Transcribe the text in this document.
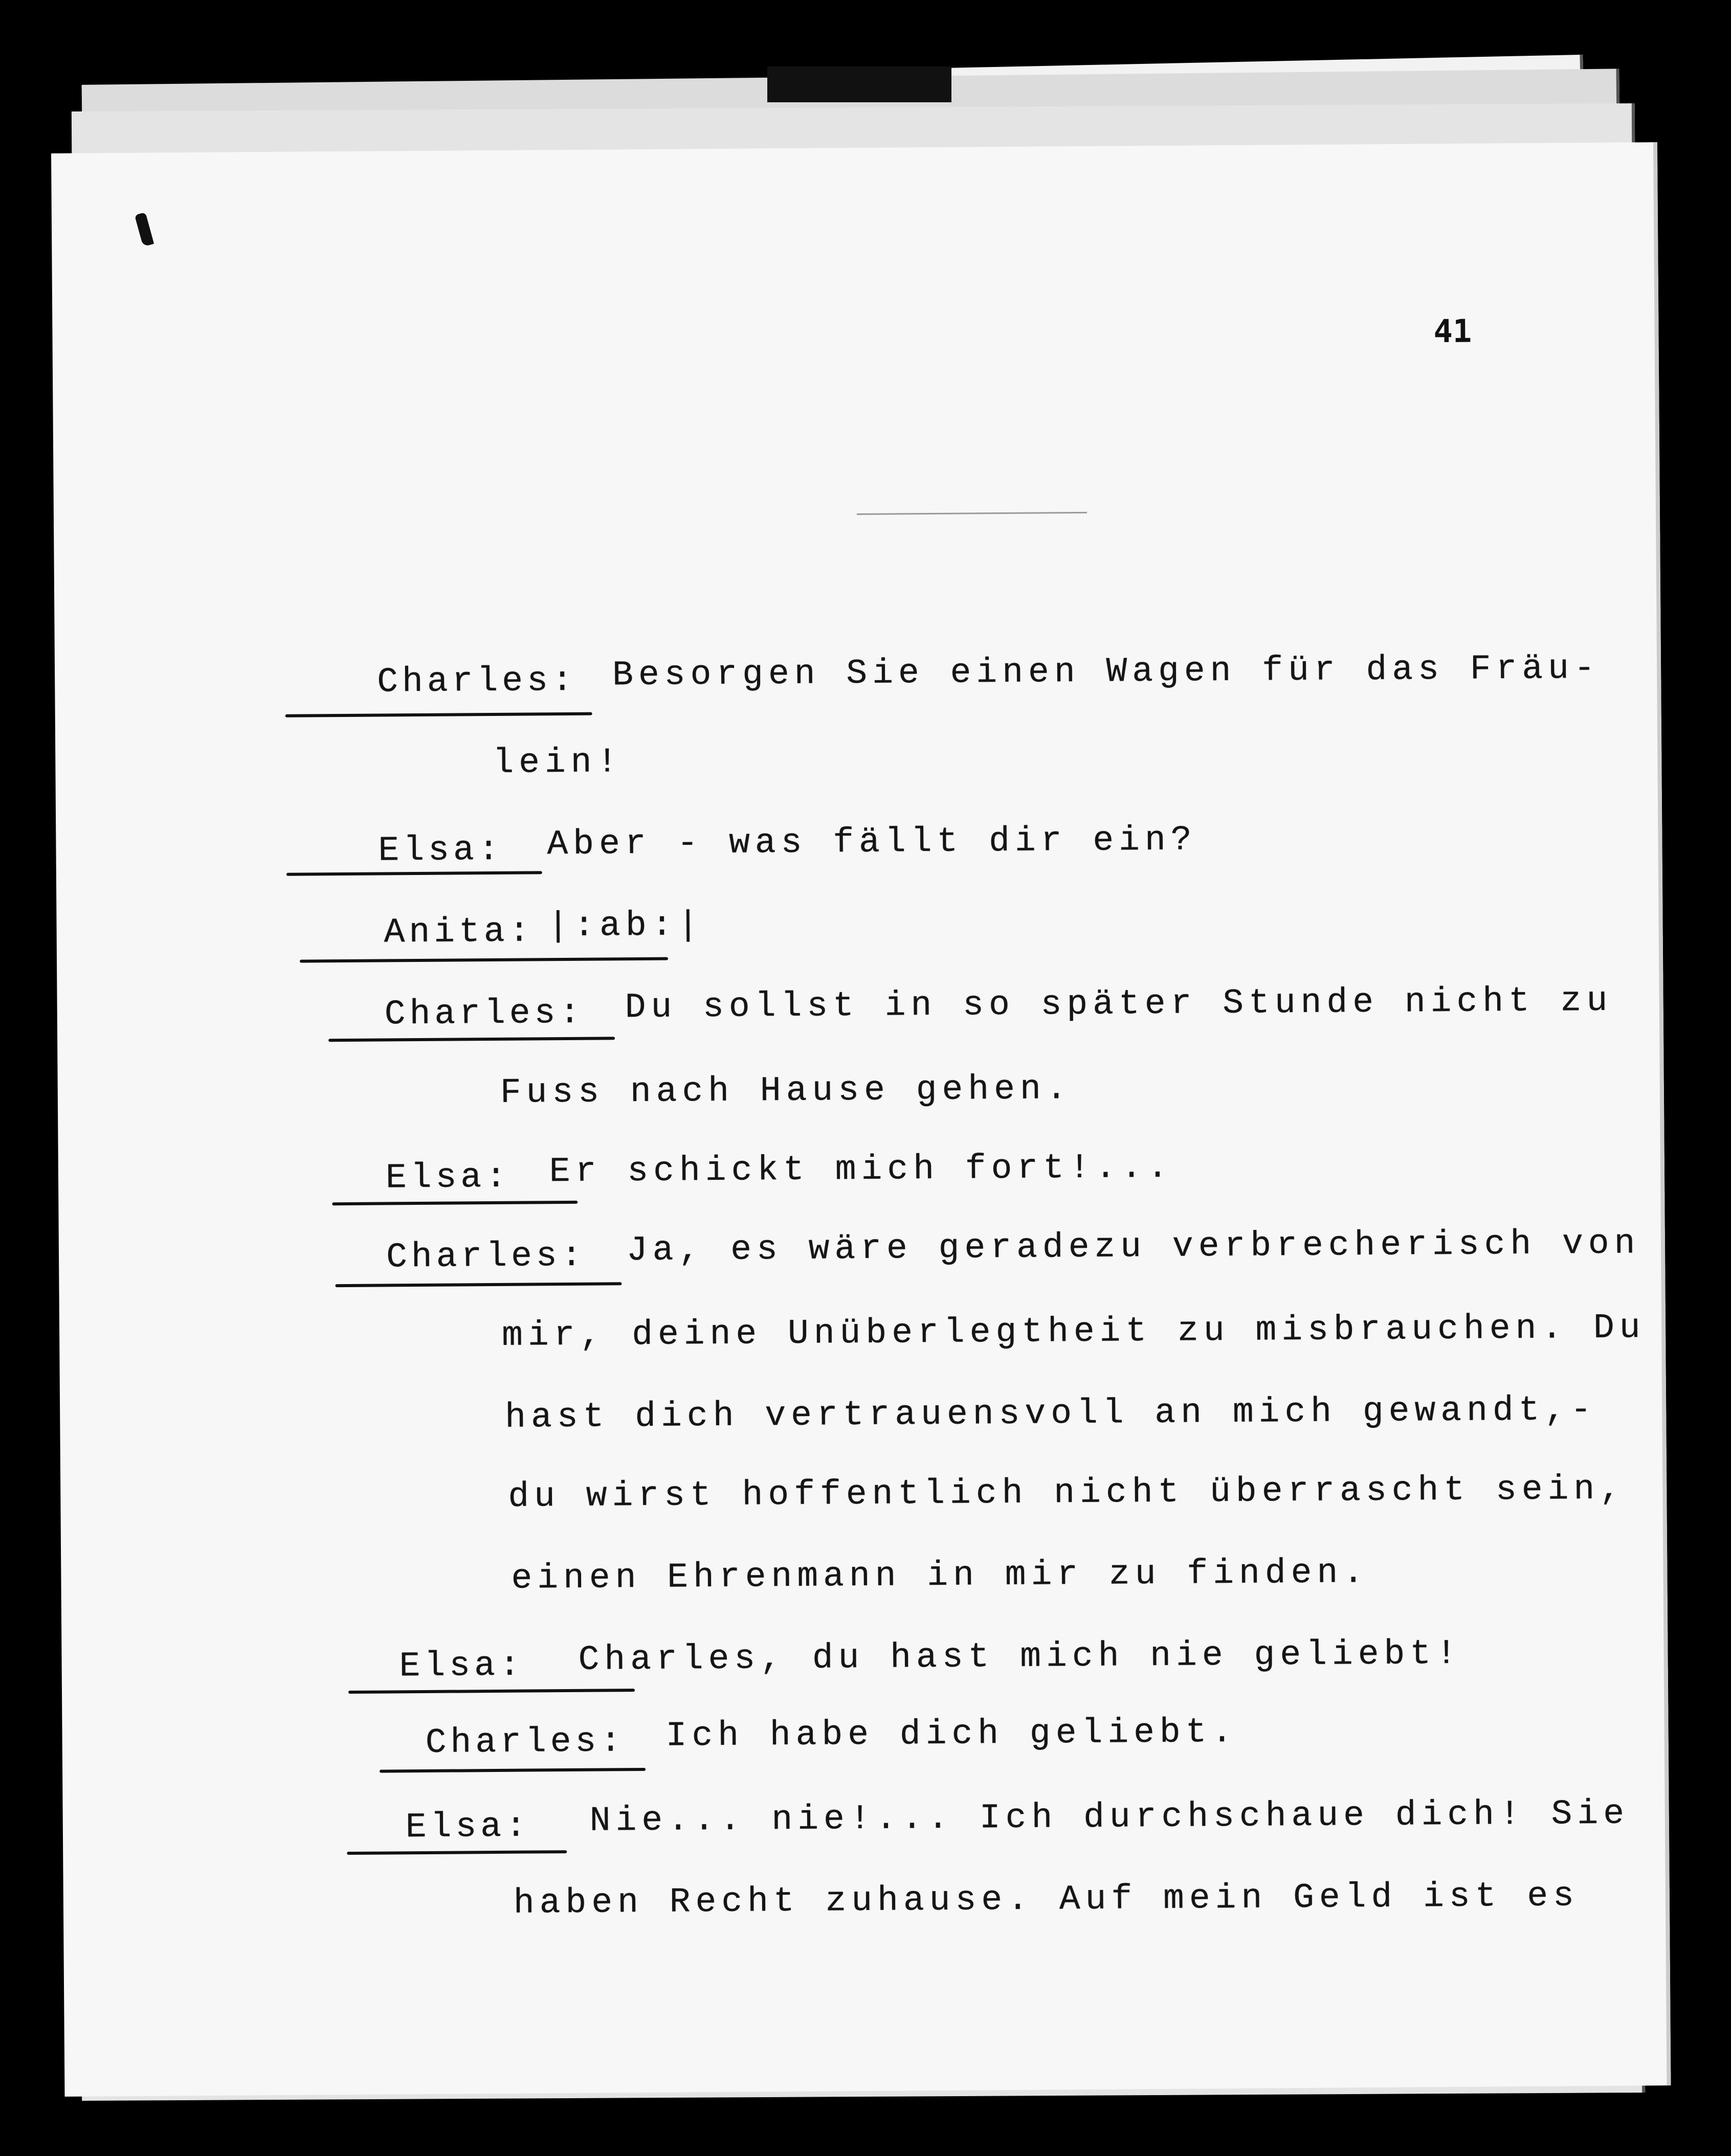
41
Charles: Besorgen Sie einen Wagen für das Fräu-
lein!
Elsa: Aber - was fällt dir ein?
Anita: |:ab:|
Charles: Du sollst in so später Stunde nicht zu
Fuss nach Hause gehen.
Elsa: Er schickt mich fort!...
Charles: Ja, es wäre geradezu verbrecherisch von
mir, deine Unüberlegtheit zu misbrauchen. Du
hast dich vertrauensvoll an mich gewandt,-
du wirst hoffentlich nicht überrascht sein,
einen Ehrenmann in mir zu finden.
Elsa: Charles, du hast mich nie geliebt!
Charles: Ich habe dich geliebt.
Elsa: Nie... nie!... Ich durchschaue dich! Sie
haben Recht zuhause. Auf mein Geld ist es
